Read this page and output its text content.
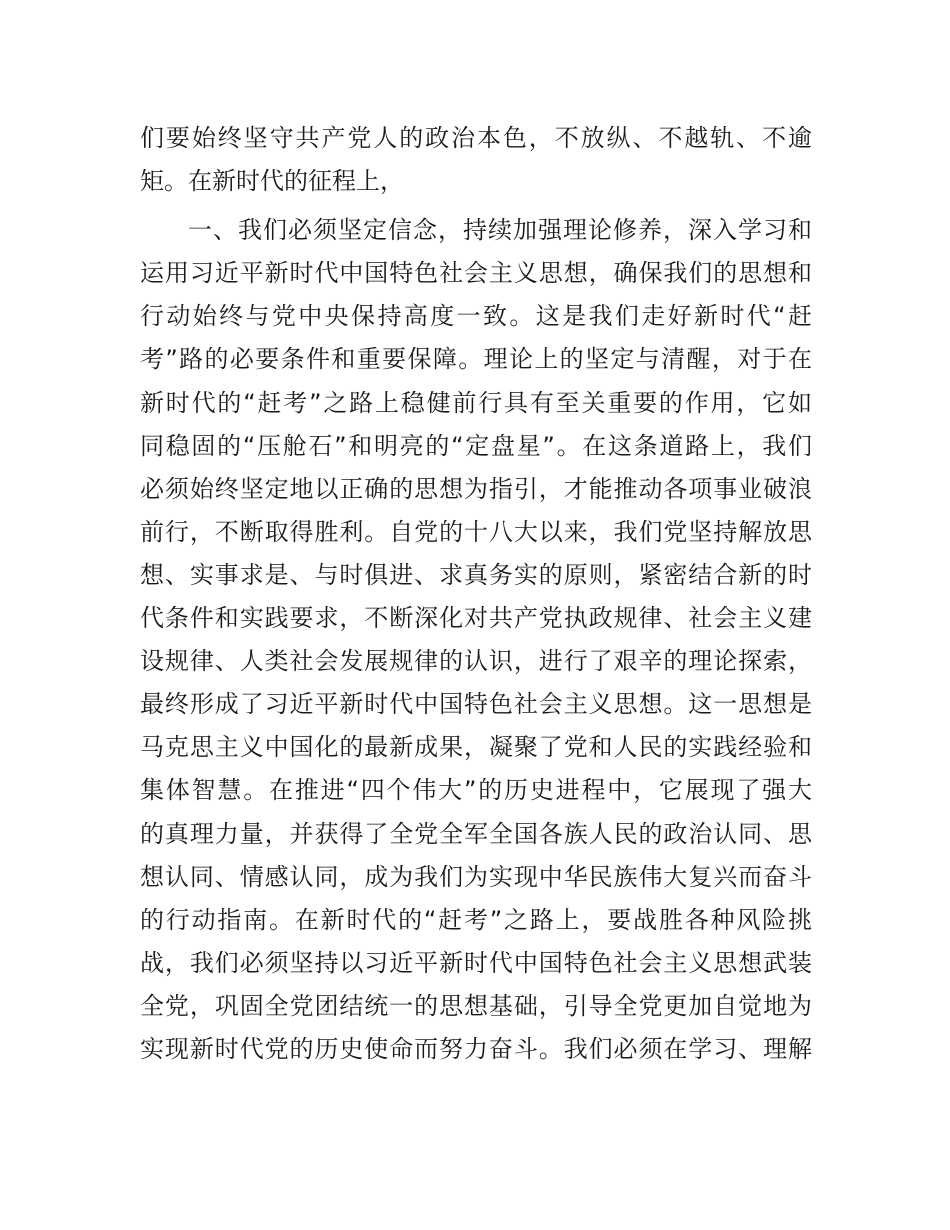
们要始终坚守共产党人的政治本色，不放纵、不越轨、不逾
矩。在新时代的征程上，
一、我们必须坚定信念，持续加强理论修养，深入学习和
运用习近平新时代中国特色社会主义思想，确保我们的思想和
行动始终与党中央保持高度一致。这是我们走好新时代“赶
考”路的必要条件和重要保障。理论上的坚定与清醒，对于在
新时代的“赶考”之路上稳健前行具有至关重要的作用，它如
同稳固的“压舱石”和明亮的“定盘星”。在这条道路上，我们
必须始终坚定地以正确的思想为指引，才能推动各项事业破浪
前行，不断取得胜利。自党的十八大以来，我们党坚持解放思
想、实事求是、与时俱进、求真务实的原则，紧密结合新的时
代条件和实践要求，不断深化对共产党执政规律、社会主义建
设规律、人类社会发展规律的认识，进行了艰辛的理论探索，
最终形成了习近平新时代中国特色社会主义思想。这一思想是
马克思主义中国化的最新成果，凝聚了党和人民的实践经验和
集体智慧。在推进“四个伟大”的历史进程中，它展现了强大
的真理力量，并获得了全党全军全国各族人民的政治认同、思
想认同、情感认同，成为我们为实现中华民族伟大复兴而奋斗
的行动指南。在新时代的“赶考”之路上，要战胜各种风险挑
战，我们必须坚持以习近平新时代中国特色社会主义思想武装
全党，巩固全党团结统一的思想基础，引导全党更加自觉地为
实现新时代党的历史使命而努力奋斗。我们必须在学习、理解
